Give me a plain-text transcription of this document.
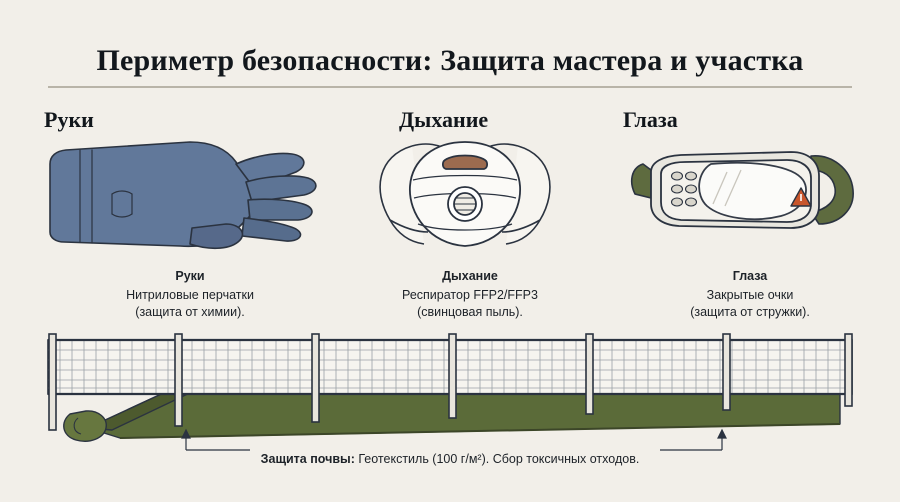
Периметр безопасности: Защита мастера и участка
Руки	Дыхание	Глаза
Руки
Нитриловые перчатки
(защита от химии).
Дыхание
Респиратор FFP2/FFP3
(свинцовая пыль).
Глаза
Закрытые очки
(защита от стружки).
Защита почвы: Геотекстиль (100 г/м²). Сбор токсичных отходов.
